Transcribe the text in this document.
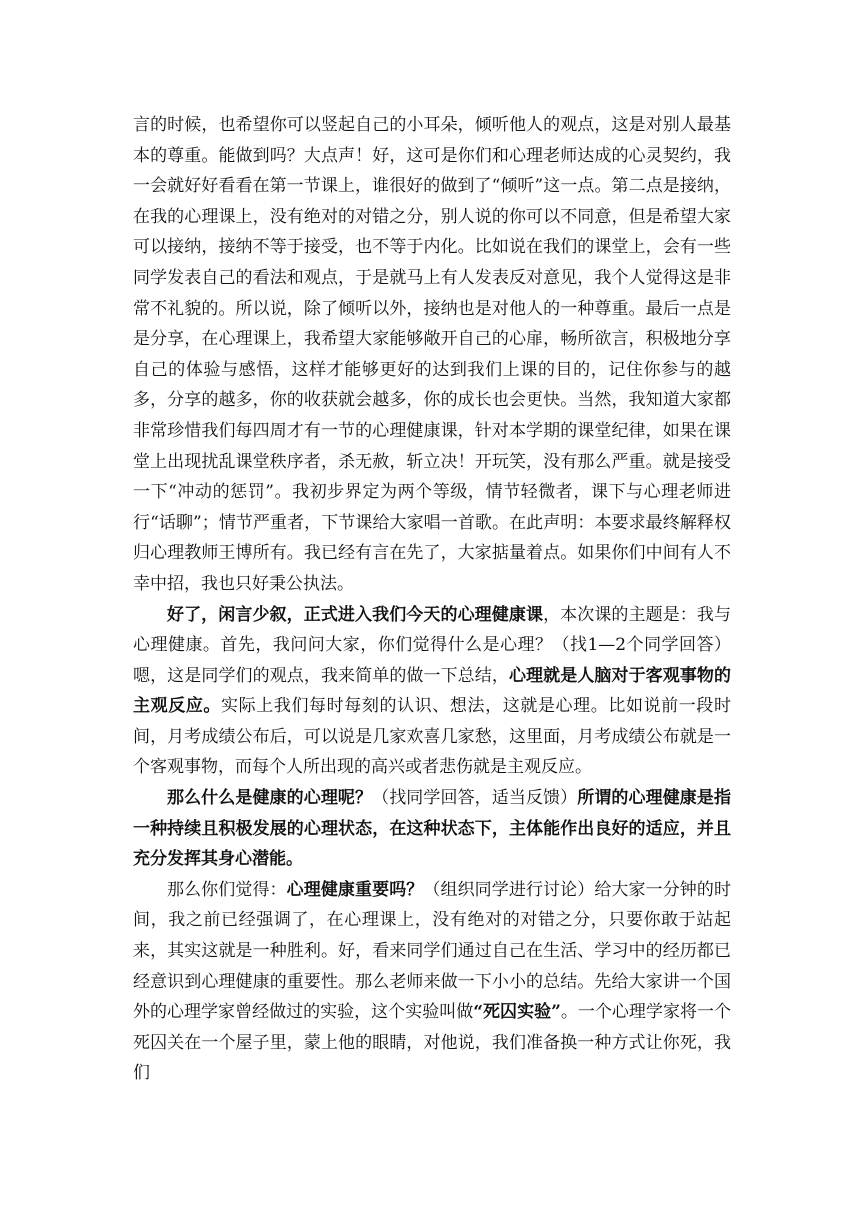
言的时候，也希望你可以竖起自己的小耳朵，倾听他人的观点，这是对别人最基本的尊重。能做到吗？大点声！好，这可是你们和心理老师达成的心灵契约，我一会就好好看看在第一节课上，谁很好的做到了“倾听”这一点。第二点是接纳，在我的心理课上，没有绝对的对错之分，别人说的你可以不同意，但是希望大家可以接纳，接纳不等于接受，也不等于内化。比如说在我们的课堂上，会有一些同学发表自己的看法和观点，于是就马上有人发表反对意见，我个人觉得这是非常不礼貌的。所以说，除了倾听以外，接纳也是对他人的一种尊重。最后一点是是分享，在心理课上，我希望大家能够敞开自己的心扉，畅所欲言，积极地分享自己的体验与感悟，这样才能够更好的达到我们上课的目的，记住你参与的越多，分享的越多，你的收获就会越多，你的成长也会更快。当然，我知道大家都非常珍惜我们每四周才有一节的心理健康课，针对本学期的课堂纪律，如果在课堂上出现扰乱课堂秩序者，杀无赦，斩立决！开玩笑，没有那么严重。就是接受一下“冲动的惩罚”。我初步界定为两个等级，情节轻微者，课下与心理老师进行“话聊”；情节严重者，下节课给大家唱一首歌。在此声明：本要求最终解释权归心理教师王博所有。我已经有言在先了，大家掂量着点。如果你们中间有人不幸中招，我也只好秉公执法。

好了，闲言少叙，正式进入我们今天的心理健康课，本次课的主题是：我与心理健康。首先，我问问大家，你们觉得什么是心理？（找1—2个同学回答）嗯，这是同学们的观点，我来简单的做一下总结，心理就是人脑对于客观事物的主观反应。实际上我们每时每刻的认识、想法，这就是心理。比如说前一段时间，月考成绩公布后，可以说是几家欢喜几家愁，这里面，月考成绩公布就是一个客观事物，而每个人所出现的高兴或者悲伤就是主观反应。

那么什么是健康的心理呢？（找同学回答，适当反馈）所谓的心理健康是指一种持续且积极发展的心理状态，在这种状态下，主体能作出良好的适应，并且充分发挥其身心潜能。

那么你们觉得：心理健康重要吗？（组织同学进行讨论）给大家一分钟的时间，我之前已经强调了，在心理课上，没有绝对的对错之分，只要你敢于站起来，其实这就是一种胜利。好，看来同学们通过自己在生活、学习中的经历都已经意识到心理健康的重要性。那么老师来做一下小小的总结。先给大家讲一个国外的心理学家曾经做过的实验，这个实验叫做“死囚实验”。一个心理学家将一个死囚关在一个屋子里，蒙上他的眼睛，对他说，我们准备换一种方式让你死，我们
